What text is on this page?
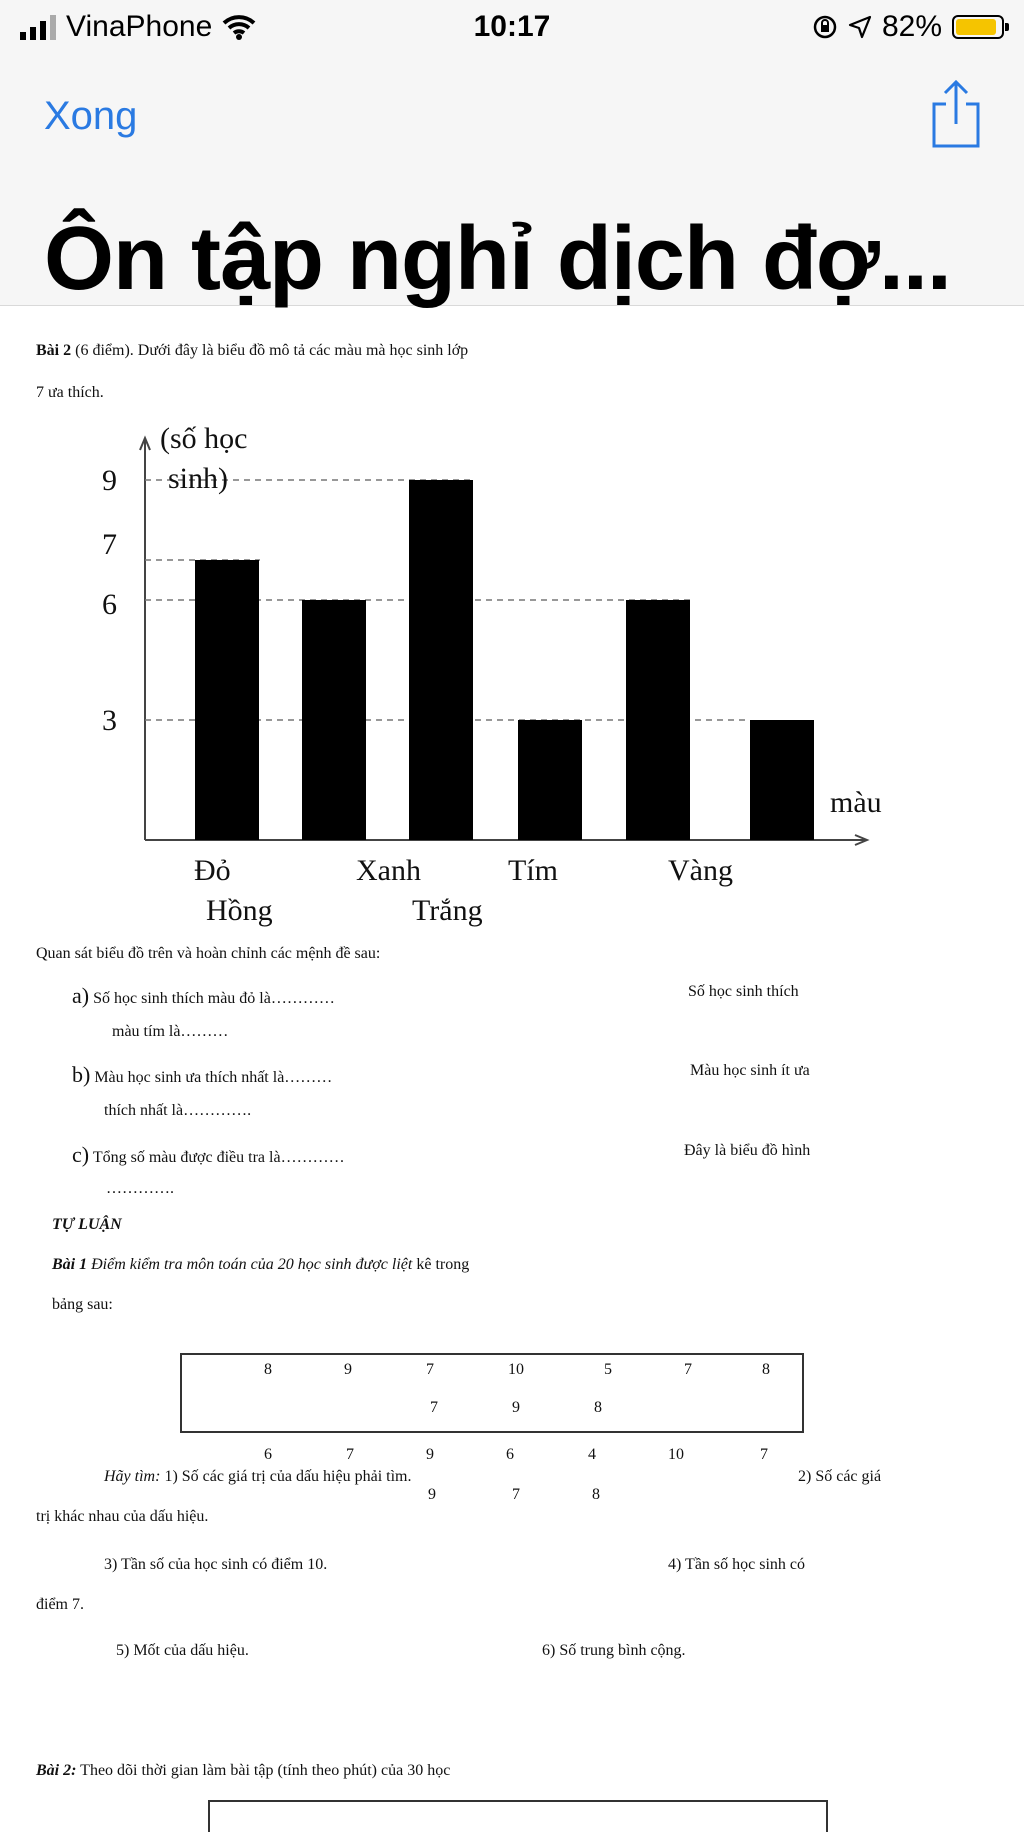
VinaPhone	10:17	82%
Xong
Ôn tập nghỉ dịch đợ...
Bài 2 (6 điểm). Dưới đây là biểu đồ mô tả các màu mà học sinh lớp
7 ưa thích.
9
7
6
3
(số học
sinh)
màu
Đỏ
Hồng
Xanh
Trắng
Tím	Vàng
Quan sát biểu đồ trên và hoàn chỉnh các mệnh đề sau:
a) Số học sinh thích màu đỏ là…………	Số học sinh thích
màu tím là………
b) Màu học sinh ưa thích nhất là………	Màu học sinh ít ưa
thích nhất là………….
c) Tổng số màu được điều tra là…………	Đây là biểu đồ hình
………….
TỰ LUẬN
Bài 1 Điểm kiểm tra môn toán của 20 học sinh được liệt kê trong
bảng sau:
8	9	7	10	5	7	8
7	9	8
6	7	9	6	4	10	7
9	7	8
Hãy tìm: 1) Số các giá trị của dấu hiệu phải tìm.	2) Số các giá
trị khác nhau của dấu hiệu.
3) Tần số của học sinh có điểm 10.	4) Tần số học sinh có
điểm 7.
5) Mốt của dấu hiệu.	6) Số trung bình cộng.
Bài 2: Theo dõi thời gian làm bài tập (tính theo phút) của 30 học
